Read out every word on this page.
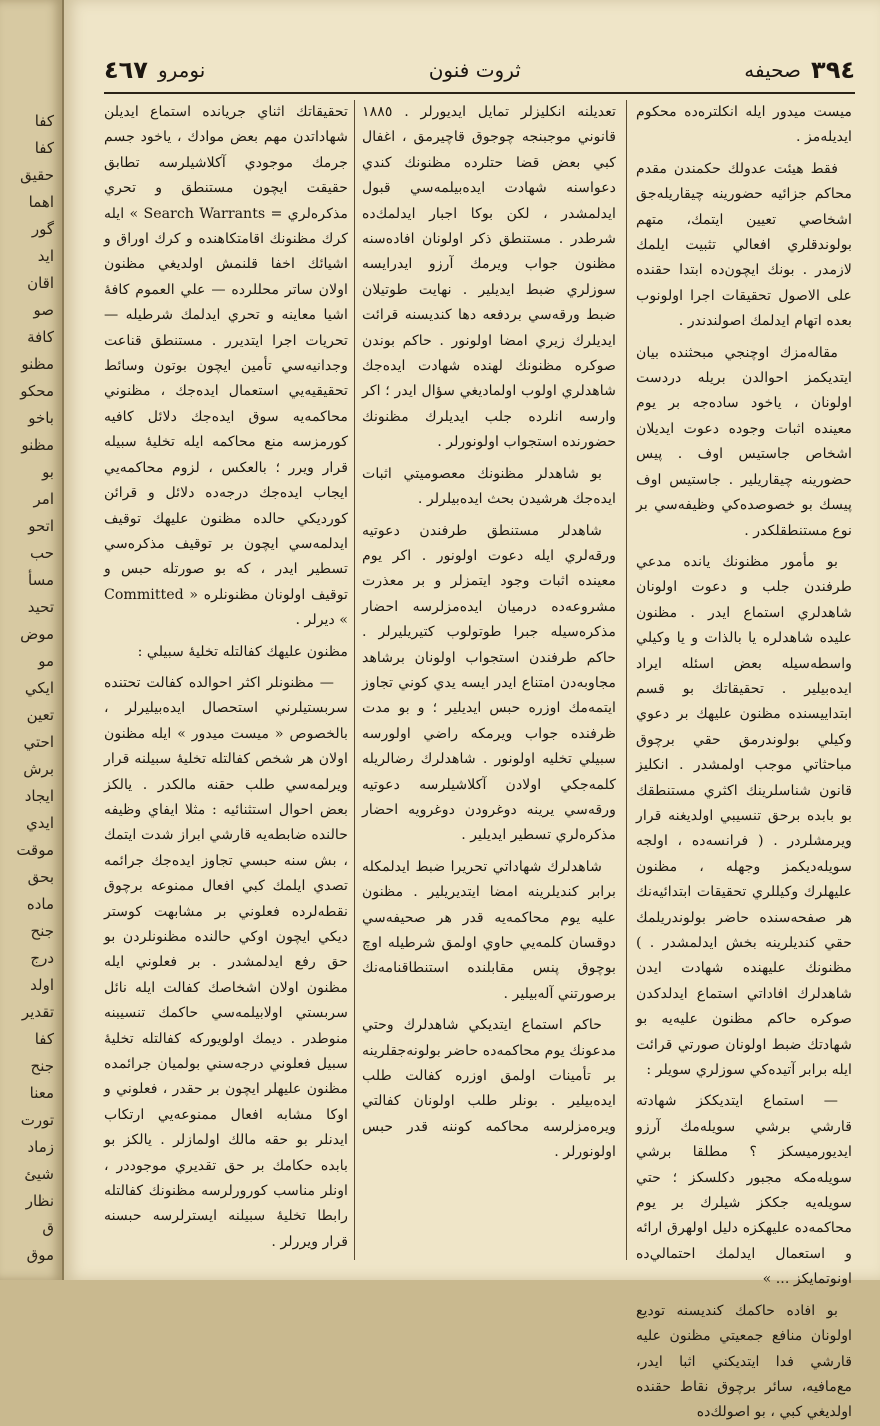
كفا
كفا
حقيق
اهما
گور
ايد
اقان
صو
كافة
مظنو
محكو
باخو
مظنو
بو
امر
اتحو
حب
مسأ
تحيد
موض
مو
ايكي
تعين
احتي
برش
ايجاد
ايدي
موقت
بحق
ماده
جنح
درج
اولد
تقدير
كفا
جنح
معنا
تورت
زماد
شيئ
نظار
ق
موق
٤٦٧ نومرو	ثروت فنون	صحيفه ٣٩٤

ميست ميدور ايله انكلتره‌ده محكوم ايديله‌مز .

فقط هيئت عدولك حكمندن مقدم محاكم جزائيه حضورينه چيقاريله‌جق اشخاصي تعيين ايتمك، متهم بولوندقلري افعالي تثبيت ايلمك لازمدر . بونك ايچون‌ده ابتدا حقنده على الاصول تحقيقات اجرا اولونوب بعده اتهام ايدلمك اصولندندر .

مقاله‌مزك اوچنجي مبحثنده بيان ايتديكمز احوالدن بريله دردست اولونان ، ياخود ساده‌جه بر يوم معينده اثبات وجوده دعوت ايديلان اشخاص جاستيس اوف . پيس حضورينه چيقاريلير . جاستيس اوف پيسك بو خصوصده‌كي وظيفه‌سي بر نوع مستنطقلكدر .

بو مأمور مظنونك يانده مدعي طرفندن جلب و دعوت اولونان شاهدلري استماع ايدر . مظنون عليده شاهدلره يا بالذات و يا وكيلي واسطه‌سيله بعض اسئله ايراد ايده‌بيلير . تحقيقاتك بو قسم ابتداييسنده مظنون عليهك بر دعوي وكيلي بولوندرمق حقي برچوق مباحثاتي موجب اولمشدر . انكليز قانون شناسلرينك اكثري مستنطقك بو بابده برحق تنسيبي اولديغنه قرار ويرمشلردر . ( فرانسه‌ده ، اولجه سويله‌ديكمز وجهله ، مظنون عليهلرك وكيللري تحقيقات ابتدائيه‌نك هر صفحه‌سنده حاضر بولوندريلمك حقي كنديلرينه بخش ايدلمشدر . ) مظنونك عليهنده شهادت ايدن شاهدلرك افاداتي استماع ايدلدكدن صوكره حاكم مظنون عليه‌يه بو شهادتك ضبط اولونان صورتي قرائت ايله برابر آتيده‌كي سوزلري سويلر :

— استماع ايتديككز شهادته قارشي برشي سويله‌مك آرزو ايديورميسكز ؟ مطلقا برشي سويله‌مكه مجبور دكلسكز ؛ حتي سويله‌يه جككز شيلرك بر يوم محاكمه‌ده عليهكزه دليل اولهرق ارائه و استعمال ايدلمك احتمالي‌ده اونوتمايكز ... »

بو افاده حاكمك كنديسنه توديع اولونان منافع جمعيتي مظنون عليه قارشي فدا ايتديكني اثبا ايدر، مع‌مافيه، سائر برچوق نقاط حقنده اولديغي كبي ، بو اصولك‌ده

تعديلنه انكليزلر تمايل ايديورلر . ١٨٨٥ قانوني موجبنجه چوجوق قاچيرمق ، اغفال كبي بعض قضا حتلرده مظنونك كندي دعواسنه شهادت ايده‌بيلمه‌سي قبول ايدلمشدر ، لكن بوكا اجبار ايدلمك‌ده شرطدر . مستنطق ذكر اولونان افاده‌سنه مظنون جواب ويرمك آرزو ايدرايسه سوزلري ضبط ايديلير . نهايت طوتيلان ضبط ورقه‌سي بردفعه دها كنديسنه قرائت ايديلرك زيري امضا اولونور . حاكم بوندن صوكره مظنونك لهنده شهادت ايده‌جك شاهدلري اولوب اولماديغي سؤال ايدر ؛ اكر وارسه انلرده جلب ايديلرك مظنونك حضورنده استجواب اولونورلر .

بو شاهدلر مظنونك معصوميتي اثبات ايده‌جك هرشيدن بحث ايده‌بيلرلر .

شاهدلر مستنطق طرفندن دعوتيه ورقه‌لري ايله دعوت اولونور . اكر يوم معينده اثبات وجود ايتمزلر و بر معذرت مشروعه‌ده درميان ايده‌مزلرسه احضار مذكره‌سيله جبرا طوتولوب كتيريليرلر . حاكم طرفندن استجواب اولونان برشاهد مجاوبه‌دن امتناع ايدر ايسه يدي كوني تجاوز ايتمه‌مك اوزره حبس ايديلير ؛ و بو مدت ظرفنده جواب ويرمكه راضي اولورسه سبيلي تخليه اولونور . شاهدلرك رضالريله كلمه‌جكي اولادن آكلاشيلرسه دعوتيه ورقه‌سي يرينه دوغرودن دوغرويه احضار مذكره‌لري تسطير ايديلير .

شاهدلرك شهاداتي تحريرا ضبط ايدلمكله برابر كنديلرينه امضا ايتديريلير . مظنون عليه يوم محاكمه‌يه قدر هر صحيفه‌سي دوقسان كلمه‌يي حاوي اولمق شرطيله اوچ بوچوق پنس مقابلنده استنطاقنامه‌نك برصورتني آله‌بيلير .

حاكم استماع ايتديكي شاهدلرك وحتي مدعونك يوم محاكمه‌ده حاضر بولونه‌جقلرينه بر تأمينات اولمق اوزره كفالت طلب ايده‌بيلير . بونلر طلب اولونان كفالتي ويره‌مزلرسه محاكمه كوننه قدر حبس اولونورلر .

تحقيقاتك اثناي جريانده استماع ايديلن شهاداتدن مهم بعض موادك ، ياخود جسم جرمك موجودي آكلاشيلرسه تطابق حقيقت ايچون مستنطق و تحري مذكره‌لري = Search Warrants » ايله كرك مظنونك اقامتكاهنده و كرك اوراق و اشيائك اخفا قلنمش اولديغي مظنون اولان ساتر محللرده — علي العموم كافهٔ اشيا معاينه و تحري ايدلمك شرطيله — تحريات اجرا ايتديرر . مستنطق قناعت وجدانيه‌سي تأمين ايچون بوتون وسائط تحقيقيه‌يي استعمال ايده‌جك ، مظنوني محاكمه‌يه سوق ايده‌جك دلائل كافيه كورمزسه منع محاكمه ايله تخليهٔ سبيله قرار ويرر ؛ بالعكس ، لزوم محاكمه‌يي ايجاب ايده‌جك درجه‌ده دلائل و قرائن كورديكي حالده مظنون عليهك توقيف ايدلمه‌سي ايچون بر توقيف مذكره‌سي تسطير ايدر ، كه بو صورتله حبس و توقيف اولونان مظنونلره « Committed » ديرلر .

مظنون عليهك كفالتله تخليهٔ سبيلي :

— مظنونلر اكثر احوالده كفالت تحتنده سربستيلرني استحصال ايده‌بيليرلر ، بالخصوص « ميست ميدور » ايله مظنون اولان هر شخص كفالتله تخليهٔ سبيلنه قرار ويرلمه‌سي طلب حقنه مالكدر . يالكز بعض احوال استثنائيه : مثلا ايفاي وظيفه حالنده ضابطه‌يه قارشي ابراز شدت ايتمك ، بش سنه حبسي تجاوز ايده‌جك جرائمه تصدي ايلمك كبي افعال ممنوعه برچوق نقطه‌لرده فعلوني بر مشابهت كوستر ديكي ايچون اوكي حالنده مظنونلردن بو حق رفع ايدلمشدر . بر فعلوني ايله مظنون اولان اشخاصك كفالت ايله نائل سربستي اولابيلمه‌سي حاكمك تنسيبنه منوطدر . ديمك اولويوركه كفالتله تخليهٔ سبيل فعلوني درجه‌سني بولميان جرائمده مظنون عليهلر ايچون بر حقدر ، فعلوني و اوكا مشابه افعال ممنوعه‌يي ارتكاب ايدنلر بو حقه مالك اولمازلر . يالكز بو بابده حكامك بر حق تقديري موجوددر ، اونلر مناسب كورورلرسه مظنونك كفالتله رابطا تخليهٔ سبيلنه ايسترلرسه حبسنه قرار ويررلر .
